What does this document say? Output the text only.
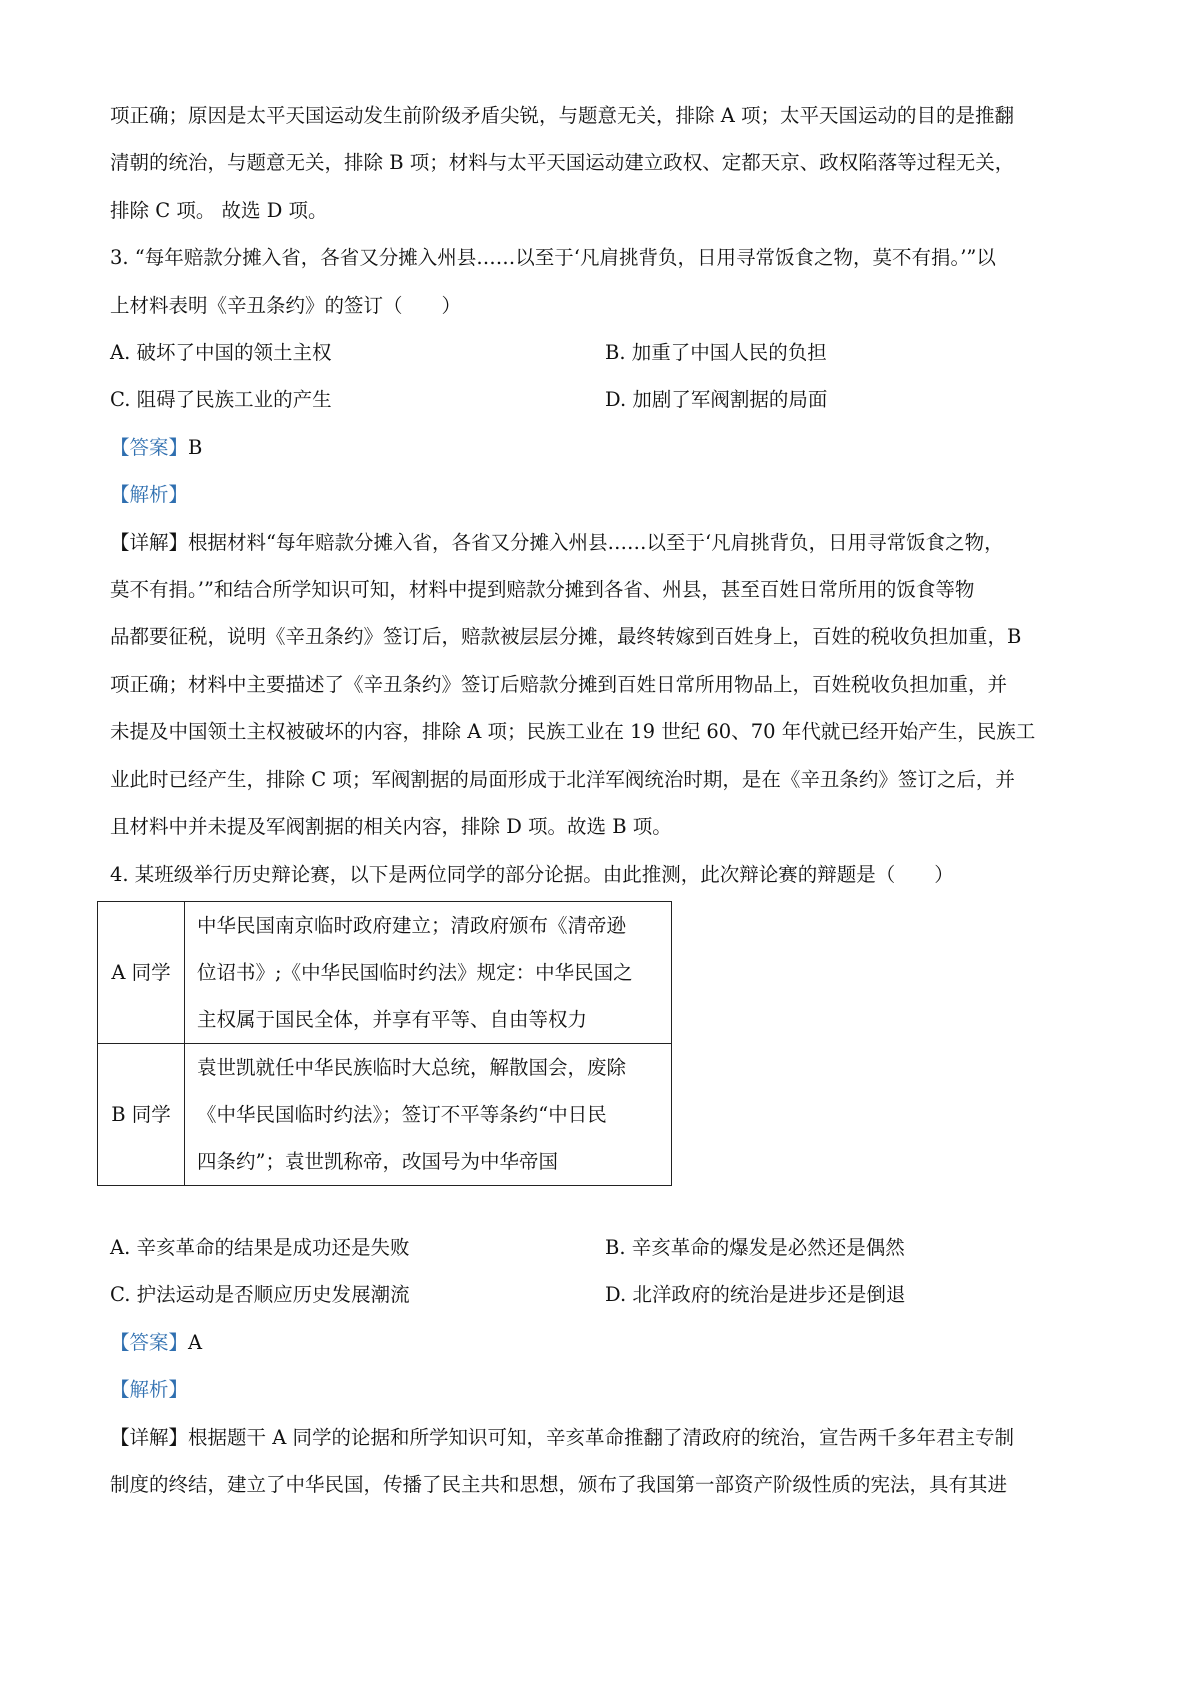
项正确；原因是太平天国运动发生前阶级矛盾尖锐，与题意无关，排除 A 项；太平天国运动的目的是推翻

清朝的统治，与题意无关，排除 B 项；材料与太平天国运动建立政权、定都天京、政权陷落等过程无关，

排除 C 项。 故选 D 项。

3. “每年赔款分摊入省，各省又分摊入州县……以至于‘凡肩挑背负，日用寻常饭食之物，莫不有捐。’”以

上材料表明《辛丑条约》的签订（　　）

A. 破坏了中国的领土主权	B. 加重了中国人民的负担
C. 阻碍了民族工业的产生	D. 加剧了军阀割据的局面

【答案】B

【解析】

【详解】根据材料“每年赔款分摊入省，各省又分摊入州县……以至于‘凡肩挑背负，日用寻常饭食之物，

莫不有捐。’”和结合所学知识可知，材料中提到赔款分摊到各省、州县，甚至百姓日常所用的饭食等物

品都要征税，说明《辛丑条约》签订后，赔款被层层分摊，最终转嫁到百姓身上，百姓的税收负担加重，B

项正确；材料中主要描述了《辛丑条约》签订后赔款分摊到百姓日常所用物品上，百姓税收负担加重，并

未提及中国领土主权被破坏的内容，排除 A 项；民族工业在 19 世纪 60、70 年代就已经开始产生，民族工

业此时已经产生，排除 C 项；军阀割据的局面形成于北洋军阀统治时期，是在《辛丑条约》签订之后，并

且材料中并未提及军阀割据的相关内容，排除 D 项。故选 B 项。

4. 某班级举行历史辩论赛，以下是两位同学的部分论据。由此推测，此次辩论赛的辩题是（　　）

A 同学	中华民国南京临时政府建立；清政府颁布《清帝逊
位诏书》;《中华民国临时约法》规定：中华民国之
主权属于国民全体，并享有平等、自由等权力

B 同学	袁世凯就任中华民族临时大总统，解散国会，废除
《中华民国临时约法》；签订不平等条约“中日民
四条约”；袁世凯称帝，改国号为中华帝国
A. 辛亥革命的结果是成功还是失败	B. 辛亥革命的爆发是必然还是偶然
C. 护法运动是否顺应历史发展潮流	D. 北洋政府的统治是进步还是倒退

【答案】A

【解析】

【详解】根据题干 A 同学的论据和所学知识可知，辛亥革命推翻了清政府的统治，宣告两千多年君主专制

制度的终结，建立了中华民国，传播了民主共和思想，颁布了我国第一部资产阶级性质的宪法，具有其进
